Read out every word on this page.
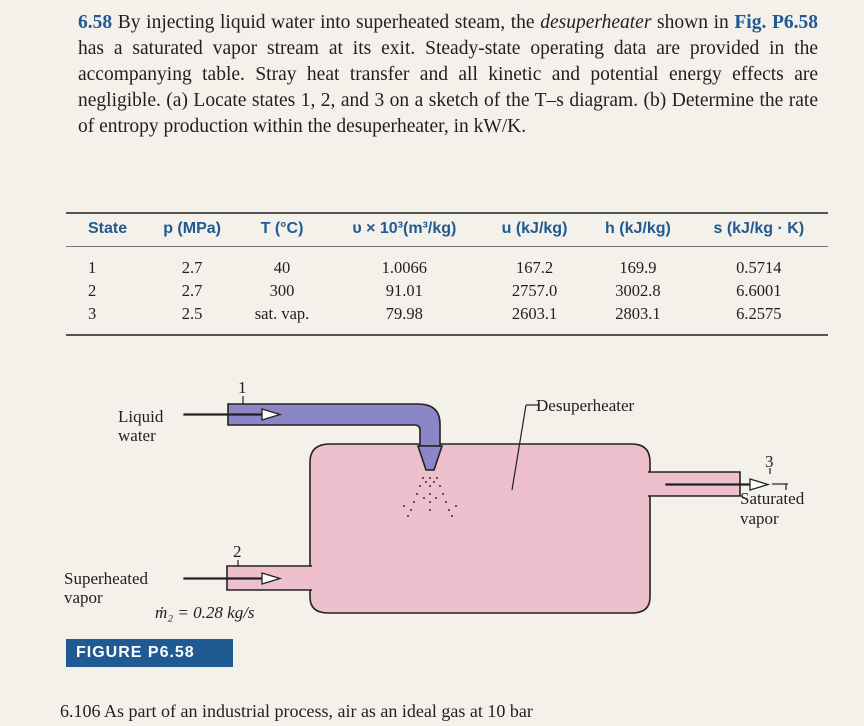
6.58 By injecting liquid water into superheated steam, the desuperheater shown in Fig. P6.58 has a saturated vapor stream at its exit. Steady-state operating data are provided in the accompanying table. Stray heat transfer and all kinetic and potential energy effects are negligible. (a) Locate states 1, 2, and 3 on a sketch of the T–s diagram. (b) Determine the rate of entropy production within the desuperheater, in kW/K.

State	p (MPa)	T (°C)	υ × 10³(m³/kg)	u (kJ/kg)	h (kJ/kg)	s (kJ/kg · K)
1	2.7	40	1.0066	167.2	169.9	0.5714
2	2.7	300	91.01	2757.0	3002.8	6.6001
3	2.5	sat. vap.	79.98	2603.1	2803.1	6.2575
Desuperheater
Liquid
water
Superheated
vapor
Saturated
vapor
1
2
3
ṁ₂ = 0.28 kg/s
FIGURE P6.58
6.106 As part of an industrial process, air as an ideal gas at 10 bar
